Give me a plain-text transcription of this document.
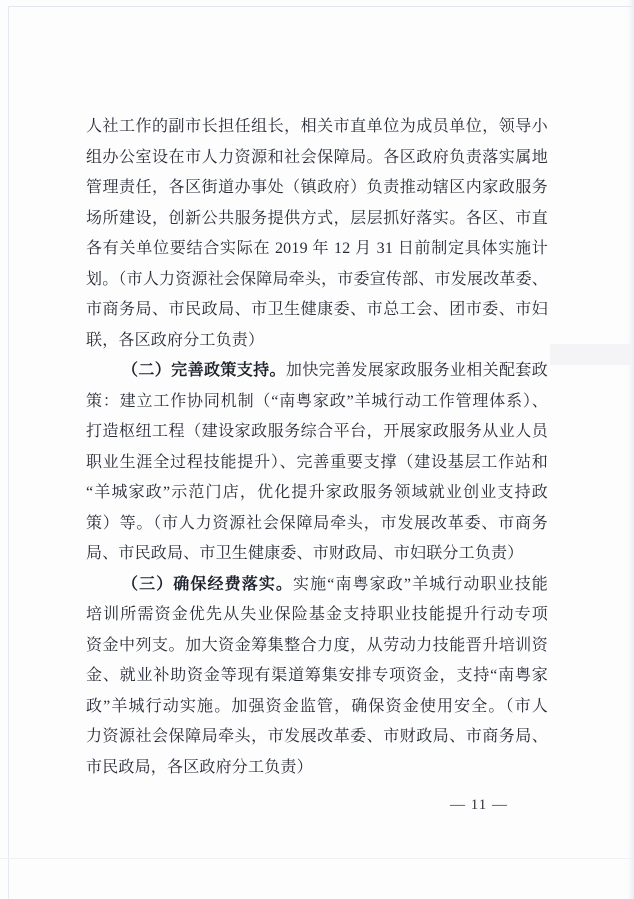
人社工作的副市长担任组长，相关市直单位为成员单位，领导小
组办公室设在市人力资源和社会保障局。各区政府负责落实属地
管理责任，各区街道办事处（镇政府）负责推动辖区内家政服务
场所建设，创新公共服务提供方式，层层抓好落实。各区、市直
各有关单位要结合实际在 2019 年 12 月 31 日前制定具体实施计
划。（市人力资源社会保障局牵头，市委宣传部、市发展改革委、
市商务局、市民政局、市卫生健康委、市总工会、团市委、市妇
联，各区政府分工负责）
（二）完善政策支持。加快完善发展家政服务业相关配套政
策：建立工作协同机制（“南粤家政”羊城行动工作管理体系）、
打造枢纽工程（建设家政服务综合平台，开展家政服务从业人员
职业生涯全过程技能提升）、完善重要支撑（建设基层工作站和
“羊城家政”示范门店，优化提升家政服务领域就业创业支持政
策）等。（市人力资源社会保障局牵头，市发展改革委、市商务
局、市民政局、市卫生健康委、市财政局、市妇联分工负责）
（三）确保经费落实。实施“南粤家政”羊城行动职业技能
培训所需资金优先从失业保险基金支持职业技能提升行动专项
资金中列支。加大资金筹集整合力度，从劳动力技能晋升培训资
金、就业补助资金等现有渠道筹集安排专项资金，支持“南粤家
政”羊城行动实施。加强资金监管，确保资金使用安全。（市人
力资源社会保障局牵头，市发展改革委、市财政局、市商务局、
市民政局，各区政府分工负责）
— 11 —
